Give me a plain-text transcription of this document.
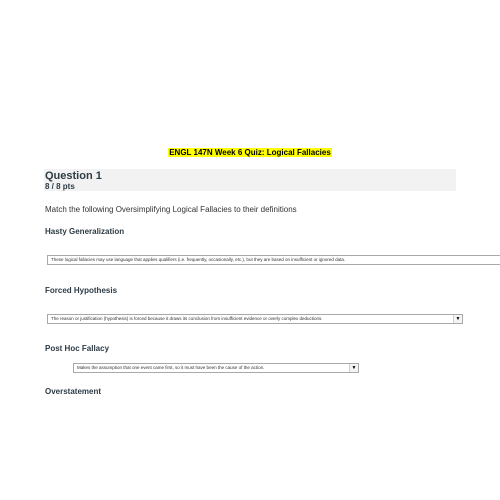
ENGL 147N Week 6 Quiz: Logical Fallacies
Question 1
8 / 8 pts
Match the following Oversimplifying Logical Fallacies to their definitions
Hasty Generalization
These logical fallacies may use language that applies qualifiers (i.e. frequently, occasionally, etc.), but they are based on insufficient or ignored data.
Forced Hypothesis
The reason or justification (hypothesis) is forced because it draws its conclusion from insufficient evidence or overly complex deductions.	▼
Post Hoc Fallacy
Makes the assumption that one event came first, so it must have been the cause of the action.	▼
Overstatement
